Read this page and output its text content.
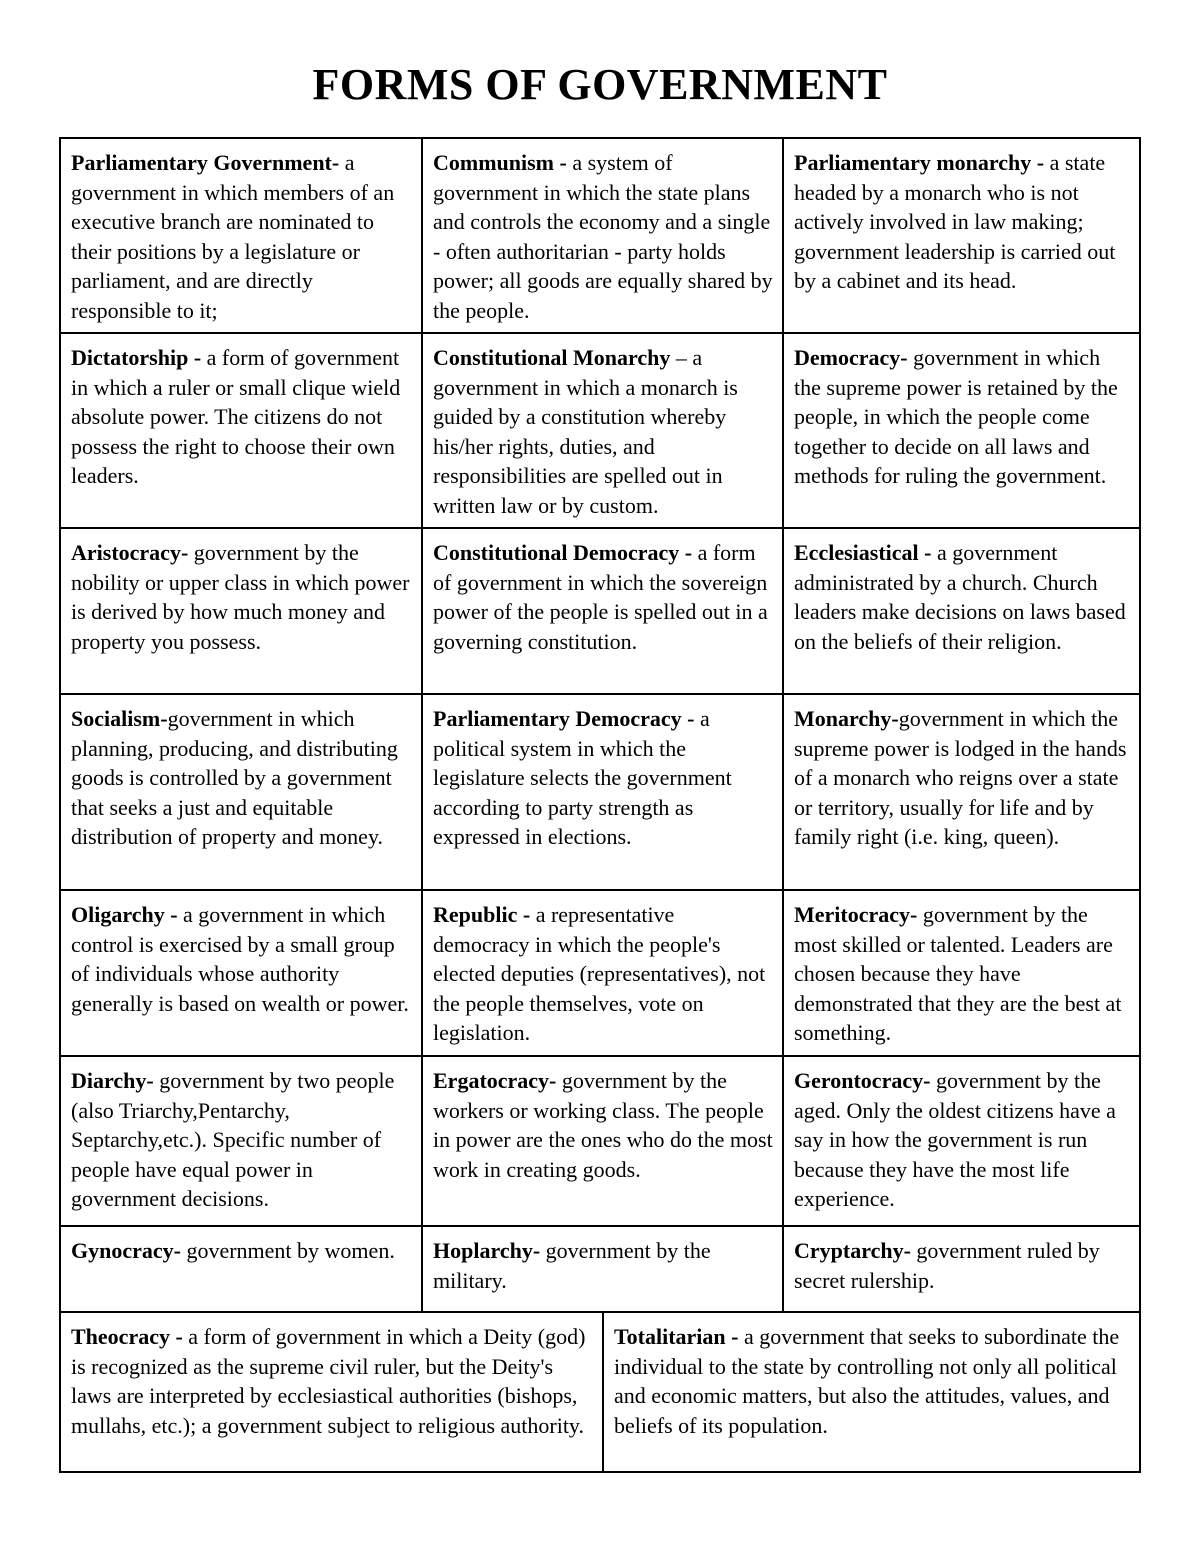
FORMS OF GOVERNMENT
Parliamentary Government- a government in which members of an executive branch are nominated to their positions by a legislature or parliament, and are directly responsible to it;
Communism - a system of government in which the state plans and controls the economy and a single - often authoritarian - party holds power; all goods are equally shared by the people.
Parliamentary monarchy - a state headed by a monarch who is not actively involved in law making; government leadership is carried out by a cabinet and its head.
Dictatorship - a form of government in which a ruler or small clique wield absolute power. The citizens do not possess the right to choose their own leaders.
Constitutional Monarchy – a government in which a monarch is guided by a constitution whereby his/her rights, duties, and responsibilities are spelled out in written law or by custom.
Democracy- government in which the supreme power is retained by the people, in which the people come together to decide on all laws and methods for ruling the government.
Aristocracy- government by the nobility or upper class in which power is derived by how much money and property you possess.
Constitutional Democracy - a form of government in which the sovereign power of the people is spelled out in a governing constitution.
Ecclesiastical - a government administrated by a church. Church leaders make decisions on laws based on the beliefs of their religion.
Socialism-government in which planning, producing, and distributing goods is controlled by a government that seeks a just and equitable distribution of property and money.
Parliamentary Democracy - a political system in which the legislature selects the government according to party strength as expressed in elections.
Monarchy-government in which the supreme power is lodged in the hands of a monarch who reigns over a state or territory, usually for life and by family right (i.e. king, queen).
Oligarchy - a government in which control is exercised by a small group of individuals whose authority generally is based on wealth or power.
Republic - a representative democracy in which the people's elected deputies (representatives), not the people themselves, vote on legislation.
Meritocracy- government by the most skilled or talented. Leaders are chosen because they have demonstrated that they are the best at something.
Diarchy- government by two people (also Triarchy,Pentarchy, Septarchy,etc.). Specific number of people have equal power in government decisions.
Ergatocracy- government by the workers or working class. The people in power are the ones who do the most work in creating goods.
Gerontocracy- government by the aged. Only the oldest citizens have a say in how the government is run because they have the most life experience.
Gynocracy- government by women.	Hoplarchy- government by the military.
Cryptarchy- government ruled by secret rulership.
Theocracy - a form of government in which a Deity (god) is recognized as the supreme civil ruler, but the Deity's laws are interpreted by ecclesiastical authorities (bishops, mullahs, etc.); a government subject to religious authority.
Totalitarian - a government that seeks to subordinate the individual to the state by controlling not only all political and economic matters, but also the attitudes, values, and beliefs of its population.
